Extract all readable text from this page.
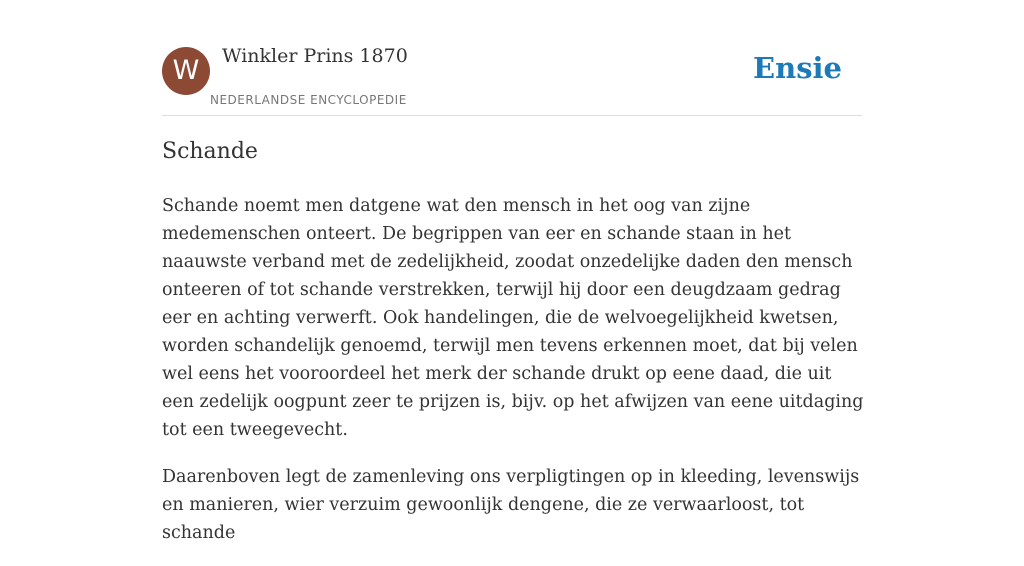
W	Winkler Prins 1870
NEDERLANDSE ENCYCLOPEDIE
Ensie
Schande

Schande noemt men datgene wat den mensch in het oog van zijne medemenschen onteert. De begrippen van eer en schande staan in het naauwste verband met de zedelijkheid, zoodat onzedelijke daden den mensch onteeren of tot schande verstrekken, terwijl hij door een deugdzaam gedrag eer en achting verwerft. Ook handelingen, die de welvoegelijkheid kwetsen, worden schandelijk genoemd, terwijl men tevens erkennen moet, dat bij velen wel eens het vooroordeel het merk der schande drukt op eene daad, die uit een zedelijk oogpunt zeer te prijzen is, bijv. op het afwijzen van eene uitdaging tot een tweegevecht.

Daarenboven legt de zamenleving ons verpligtingen op in kleeding, levenswijs en manieren, wier verzuim gewoonlijk dengene, die ze verwaarloost, tot schande
